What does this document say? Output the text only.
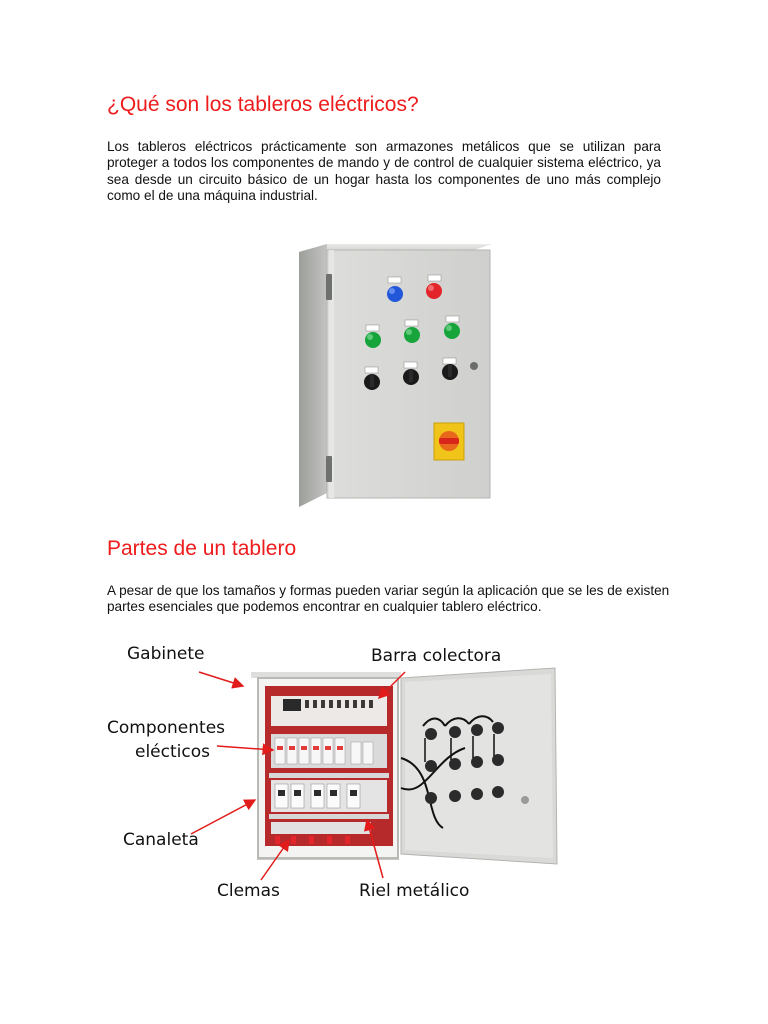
¿Qué son los tableros eléctricos?

Los tableros eléctricos prácticamente son armazones metálicos que se utilizan para proteger a todos los componentes de mando y de control de cualquier sistema eléctrico, ya sea desde un circuito básico de un hogar hasta los componentes de uno más complejo como el de una máquina industrial.

Partes de un tablero

A pesar de que los tamaños y formas pueden variar según la aplicación que se les de existen partes esenciales que podemos encontrar en cualquier tablero eléctrico.

Gabinete	Barra colectora
Componentes
elécticos
Canaleta
Clemas	Riel metálico
